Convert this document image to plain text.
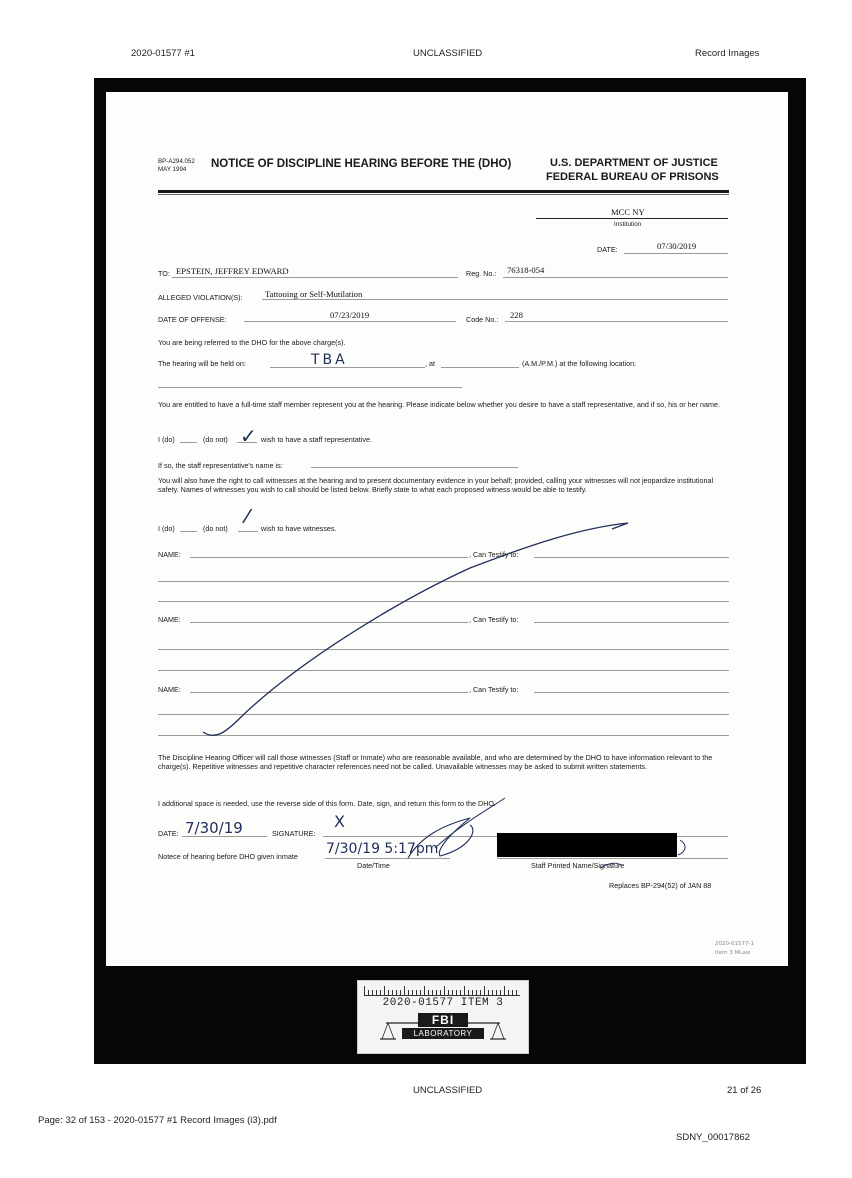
2020-01577 #1	UNCLASSIFIED	Record Images
BP-A294.052
MAY 1994 NOTICE OF DISCIPLINE HEARING BEFORE THE (DHO)	U.S. DEPARTMENT OF JUSTICE
FEDERAL BUREAU OF PRISONS
MCC NY
Institution
DATE:	07/30/2019
TO: EPSTEIN, JEFFREY EDWARD	Reg. No.: 76318-054
ALLEGED VIOLATION(S):	Tattooing or Self-Mutilation
DATE OF OFFENSE:	07/23/2019	Code No.: 228
You are being referred to the DHO for the above charge(s).
The hearing will be held on:	TBA	, at	(A.M./P.M.) at the following location:
You are entitled to have a full-time staff member represent you at the hearing. Please indicate below whether you desire to have a staff representative, and if so, his or her name.
I (do)	(do not) ✓ wish to have a staff representative.
If so, the staff representative's name is:
You will also have the right to call witnesses at the hearing and to present documentary evidence in your behalf; provided, calling your witnesses will not jeopardize institutional safety. Names of witnesses you wish to call should be listed below. Briefly state to what each proposed witness would be able to testify.
I (do)	(do not)
/
wish to have witnesses.
NAME:	, Can Testify to:
NAME:	, Can Testify to:
NAME:	, Can Testify to:
The Discipline Hearing Officer will call those witnesses (Staff or Inmate) who are reasonable available, and who are determined by the DHO to have information relevant to the charge(s). Repetitive witnesses and repetitive character references need not be called. Unavailable witnesses may be asked to submit written statements.
I additional space is needed, use the reverse side of this form. Date, sign, and return this form to the DHO.
DATE: 7/30/19	SIGNATURE:
X
Notece of hearing before DHO given inmate 7/30/19 5:17pm
Date/Time	Staff Printed Name/Signature
Replaces BP-294(52) of JAN 88
2020-01577-1
Item 3 MLaw
2020-01577 ITEM 3
FBI
LABORATORY
UNCLASSIFIED	21 of 26
Page: 32 of 153 - 2020-01577 #1 Record Images (i3).pdf
SDNY_00017862
